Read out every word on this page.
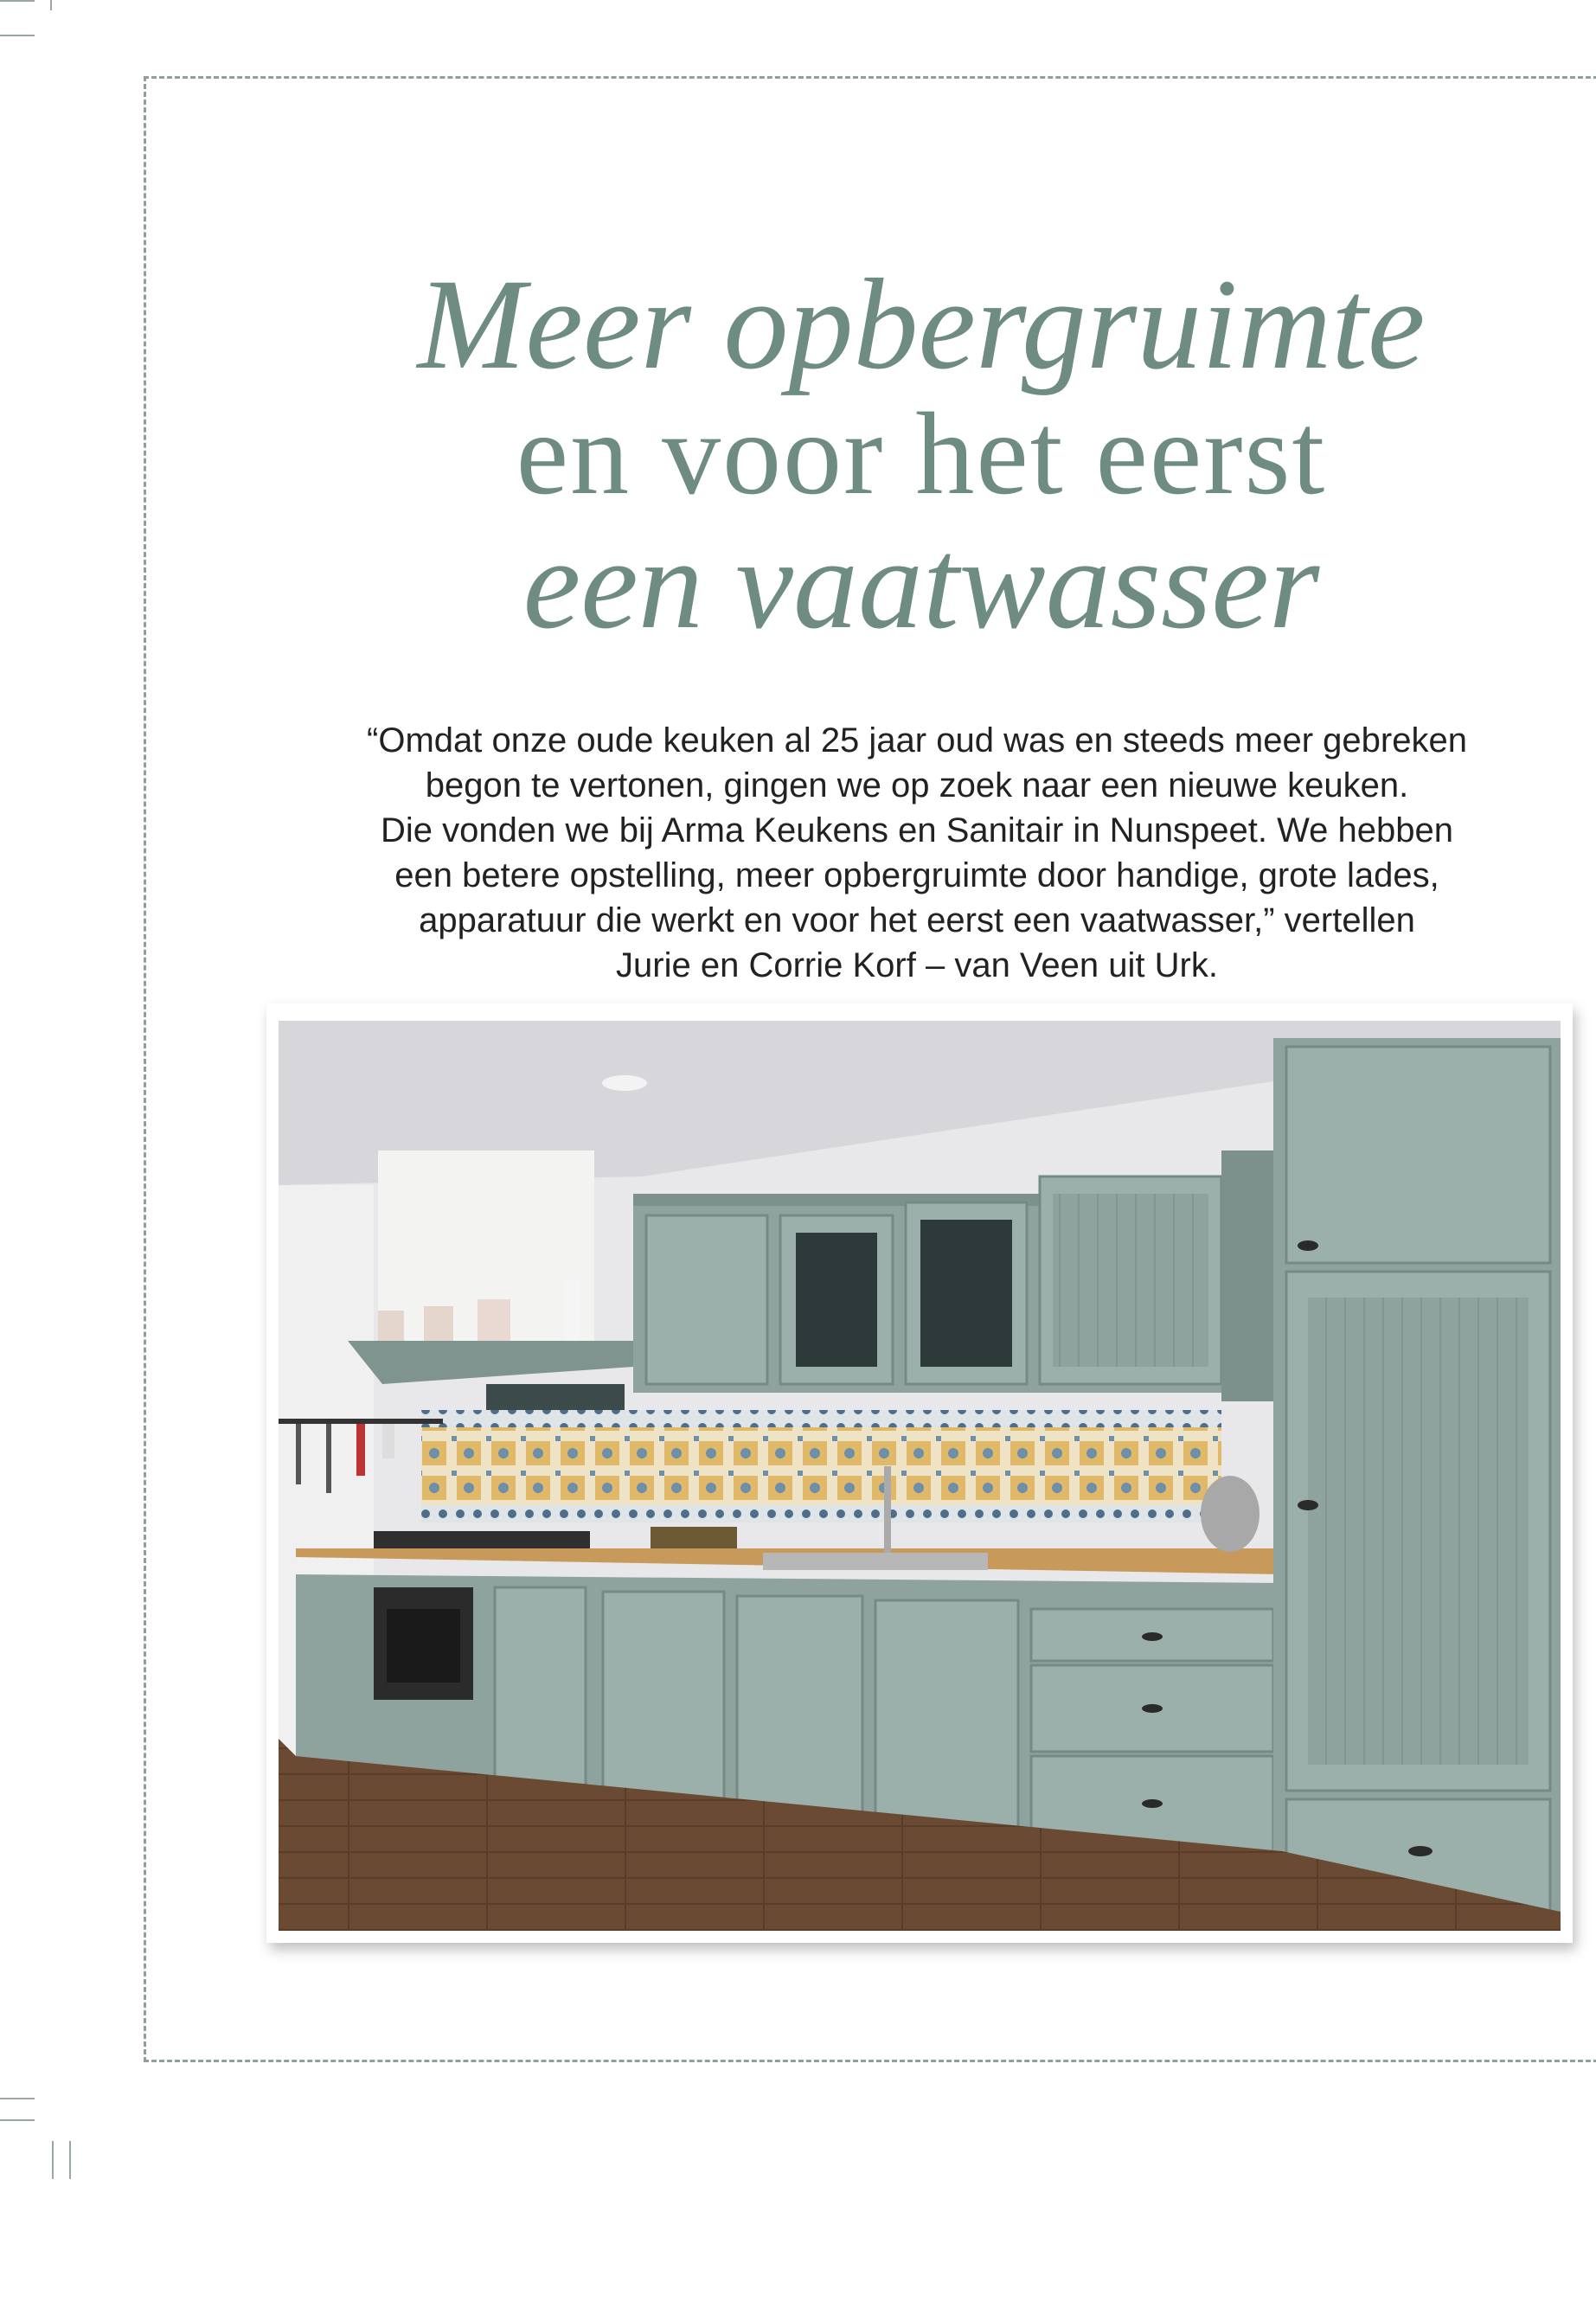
Meer opbergruimte
en voor het eerst
een vaatwasser
“Omdat onze oude keuken al 25 jaar oud was en steeds meer gebreken
begon te vertonen, gingen we op zoek naar een nieuwe keuken.
Die vonden we bij Arma Keukens en Sanitair in Nunspeet. We hebben
een betere opstelling, meer opbergruimte door handige, grote lades,
apparatuur die werkt en voor het eerst een vaatwasser,” vertellen
Jurie en Corrie Korf – van Veen uit Urk.
